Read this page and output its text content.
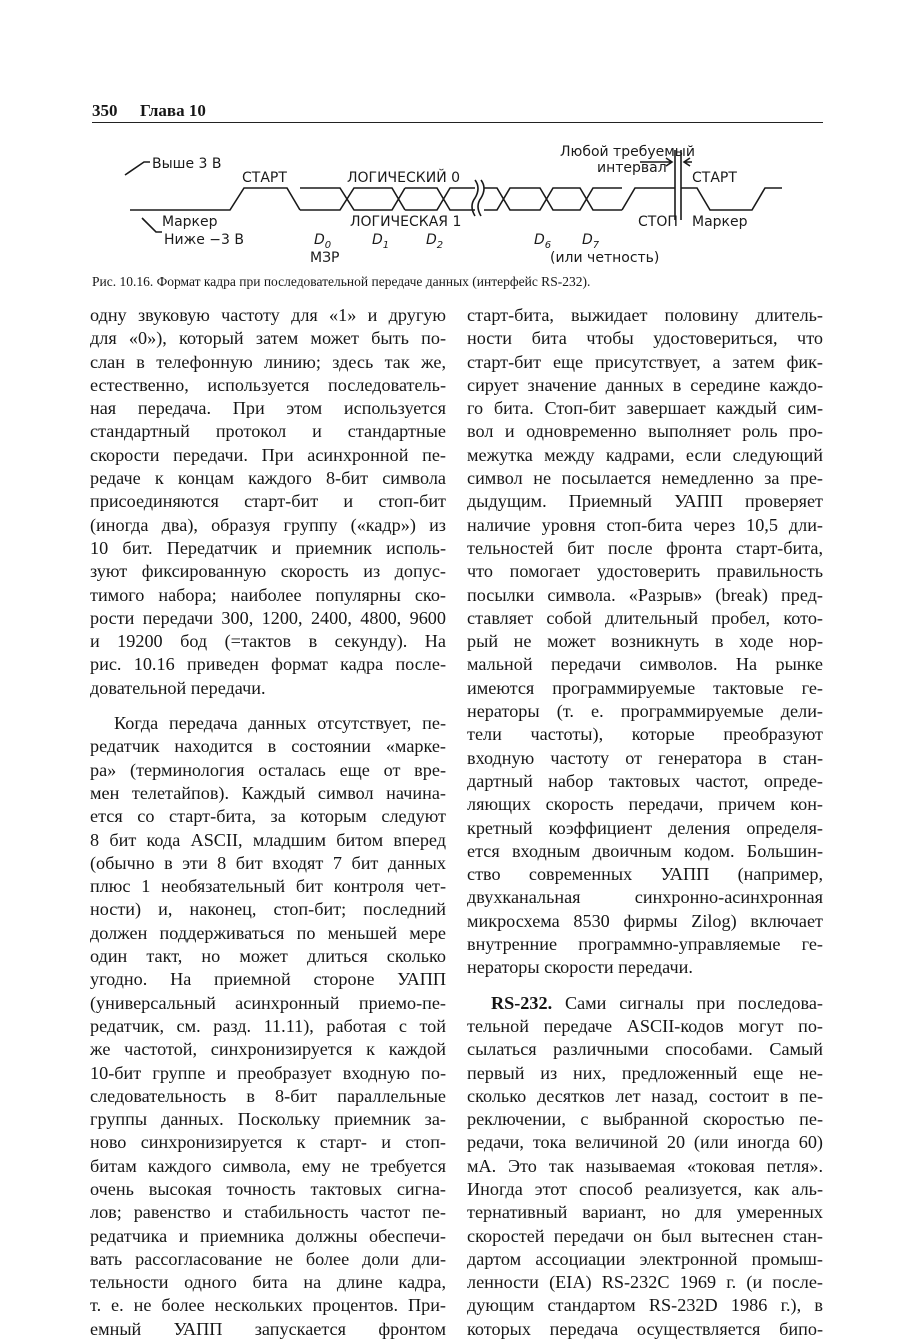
350 Глава 10
Выше 3 В
Маркер
Ниже −3 В
СТАРТ	ЛОГИЧЕСКИЙ 0
ЛОГИЧЕСКАЯ 1
Любой требуемый
интервал
СТОП
СТАРТ
Маркер
$D_0$	$D_1$	$D_2$	$D_6$ $D_7$
МЗР	(или четность)
Рис. 10.16. Формат кадра при последовательной передаче данных (интерфейс RS-232).
одну звуковую частоту для «1» и другую
для «0»), который затем может быть по-
слан в телефонную линию; здесь так же,
естественно, используется последователь-
ная передача. При этом используется
стандартный протокол и стандартные
скорости передачи. При асинхронной пе-
редаче к концам каждого 8-бит символа
присоединяются старт-бит и стоп-бит
(иногда два), образуя группу («кадр») из
10 бит. Передатчик и приемник исполь-
зуют фиксированную скорость из допус-
тимого набора; наиболее популярны ско-
рости передачи 300, 1200, 2400, 4800, 9600
и 19200 бод (=тактов в секунду). На
рис. 10.16 приведен формат кадра после-
довательной передачи.
Когда передача данных отсутствует, пе-
редатчик находится в состоянии «марке-
ра» (терминология осталась еще от вре-
мен телетайпов). Каждый символ начина-
ется со старт-бита, за которым следуют
8 бит кода ASCII, младшим битом вперед
(обычно в эти 8 бит входят 7 бит данных
плюс 1 необязательный бит контроля чет-
ности) и, наконец, стоп-бит; последний
должен поддерживаться по меньшей мере
один такт, но может длиться сколько
угодно. На приемной стороне УАПП
(универсальный асинхронный приемо-пе-
редатчик, см. разд. 11.11), работая с той
же частотой, синхронизируется к каждой
10-бит группе и преобразует входную по-
следовательность в 8-бит параллельные
группы данных. Поскольку приемник за-
ново синхронизируется к старт- и стоп-
битам каждого символа, ему не требуется
очень высокая точность тактовых сигна-
лов; равенство и стабильность частот пе-
редатчика и приемника должны обеспечи-
вать рассогласование не более доли дли-
тельности одного бита на длине кадра,
т. е. не более нескольких процентов. При-
емный УАПП запускается фронтом
старт-бита, выжидает половину длитель-
ности бита чтобы удостовериться, что
старт-бит еще присутствует, а затем фик-
сирует значение данных в середине каждо-
го бита. Стоп-бит завершает каждый сим-
вол и одновременно выполняет роль про-
межутка между кадрами, если следующий
символ не посылается немедленно за пре-
дыдущим. Приемный УАПП проверяет
наличие уровня стоп-бита через 10,5 дли-
тельностей бит после фронта старт-бита,
что помогает удостоверить правильность
посылки символа. «Разрыв» (break) пред-
ставляет собой длительный пробел, кото-
рый не может возникнуть в ходе нор-
мальной передачи символов. На рынке
имеются программируемые тактовые ге-
нераторы (т. е. программируемые дели-
тели частоты), которые преобразуют
входную частоту от генератора в стан-
дартный набор тактовых частот, опреде-
ляющих скорость передачи, причем кон-
кретный коэффициент деления определя-
ется входным двоичным кодом. Большин-
ство современных УАПП (например,
двухканальная синхронно-асинхронная
микросхема 8530 фирмы Zilog) включает
внутренние программно-управляемые ге-
нераторы скорости передачи.
RS-232. Сами сигналы при последова-
тельной передаче ASCII-кодов могут по-
сылаться различными способами. Самый
первый из них, предложенный еще не-
сколько десятков лет назад, состоит в пе-
реключении, с выбранной скоростью пе-
редачи, тока величиной 20 (или иногда 60)
мА. Это так называемая «токовая петля».
Иногда этот способ реализуется, как аль-
тернативный вариант, но для умеренных
скоростей передачи он был вытеснен стан-
дартом ассоциации электронной промыш-
ленности (EIA) RS-232C 1969 г. (и после-
дующим стандартом RS-232D 1986 г.), в
которых передача осуществляется бипо-
